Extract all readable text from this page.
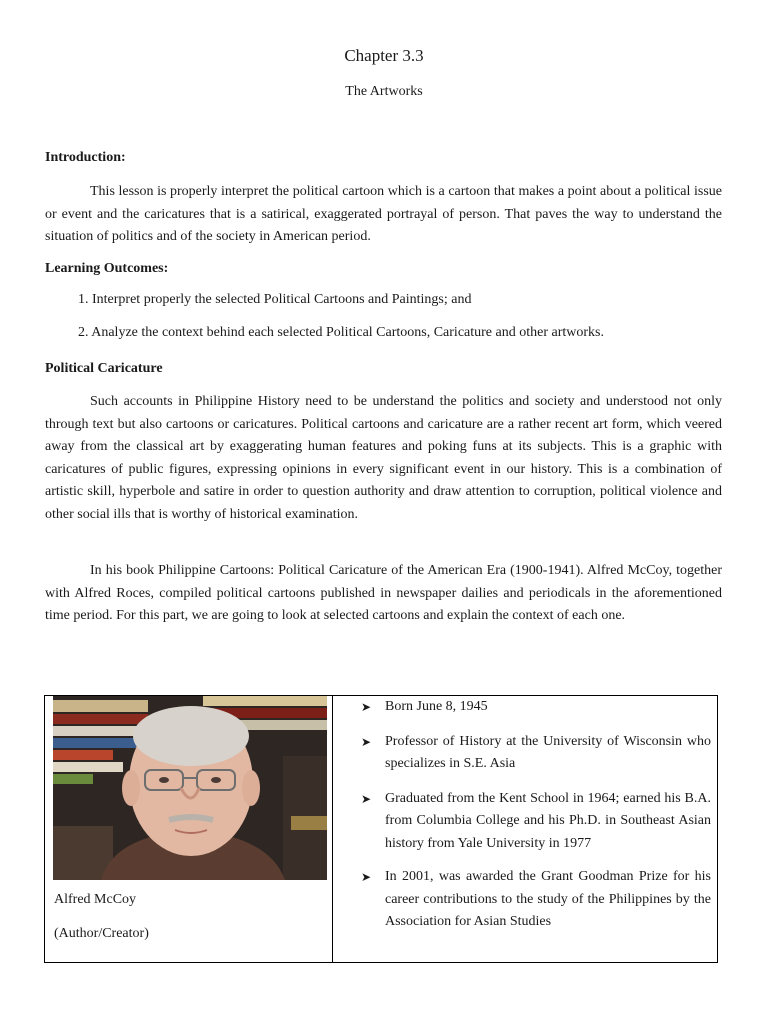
Chapter 3.3
The Artworks
Introduction:

This lesson is properly interpret the political cartoon which is a cartoon that makes a point about a political issue or event and the caricatures that is a satirical, exaggerated portrayal of person. That paves the way to understand the situation of politics and of the society in American period.

Learning Outcomes:
1. Interpret properly the selected Political Cartoons and Paintings; and
2. Analyze the context behind each selected Political Cartoons, Caricature and other artworks.
Political Caricature

Such accounts in Philippine History need to be understand the politics and society and understood not only through text but also cartoons or caricatures. Political cartoons and caricature are a rather recent art form, which veered away from the classical art by exaggerating human features and poking funs at its subjects. This is a graphic with caricatures of public figures, expressing opinions in every significant event in our history. This is a combination of artistic skill, hyperbole and satire in order to question authority and draw attention to corruption, political violence and other social ills that is worthy of historical examination.

In his book Philippine Cartoons: Political Caricature of the American Era (1900-1941). Alfred McCoy, together with Alfred Roces, compiled political cartoons published in newspaper dailies and periodicals in the aforementioned time period. For this part, we are going to look at selected cartoons and explain the context of each one.

Alfred McCoy
(Author/Creator)
➤ Born June 8, 1945
➤ Professor of History at the University of Wisconsin who specializes in S.E. Asia
➤ Graduated from the Kent School in 1964; earned his B.A. from Columbia College and his Ph.D. in Southeast Asian history from Yale University in 1977
➤ In 2001, was awarded the Grant Goodman Prize for his career contributions to the study of the Philippines by the Association for Asian Studies
